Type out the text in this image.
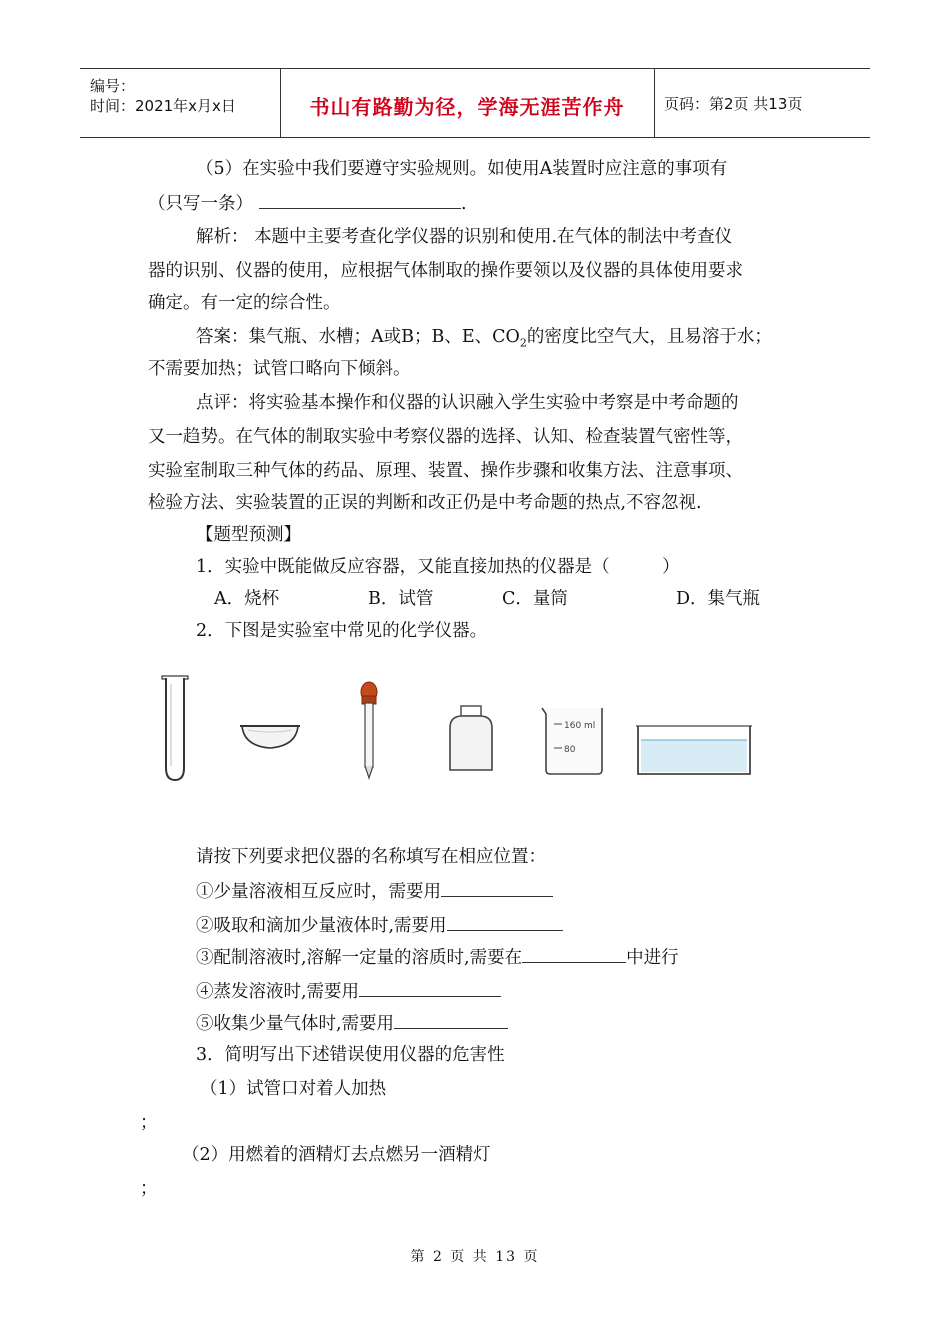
编号：
时间：2021年x月x日	书山有路勤为径，学海无涯苦作舟	页码：第2页 共13页
（5）在实验中我们要遵守实验规则。如使用A装置时应注意的事项有
（只写一条）	.
解析： 本题中主要考查化学仪器的识别和使用.在气体的制法中考查仪
器的识别、仪器的使用，应根据气体制取的操作要领以及仪器的具体使用要求
确定。有一定的综合性。
答案：集气瓶、水槽；A或B；B、E、$CO_2$的密度比空气大，且易溶于水；
不需要加热；试管口略向下倾斜。
点评：将实验基本操作和仪器的认识融入学生实验中考察是中考命题的
又一趋势。在气体的制取实验中考察仪器的选择、认知、检查装置气密性等，
实验室制取三种气体的药品、原理、装置、操作步骤和收集方法、注意事项、
检验方法、实验装置的正误的判断和改正仍是中考命题的热点,不容忽视.
【题型预测】
1．实验中既能做反应容器，又能直接加热的仪器是（　　　）
A．烧杯	B．试管	C．量筒	D．集气瓶
2．下图是实验室中常见的化学仪器。
160 ml
80
请按下列要求把仪器的名称填写在相应位置：
①少量溶液相互反应时，需要用
②吸取和滴加少量液体时,需要用
③配制溶液时,溶解一定量的溶质时,需要在	中进行
④蒸发溶液时,需要用
⑤收集少量气体时,需要用
3．简明写出下述错误使用仪器的危害性
（1）试管口对着人加热
；
（2）用燃着的酒精灯去点燃另一酒精灯
；
第 2 页 共 13 页
